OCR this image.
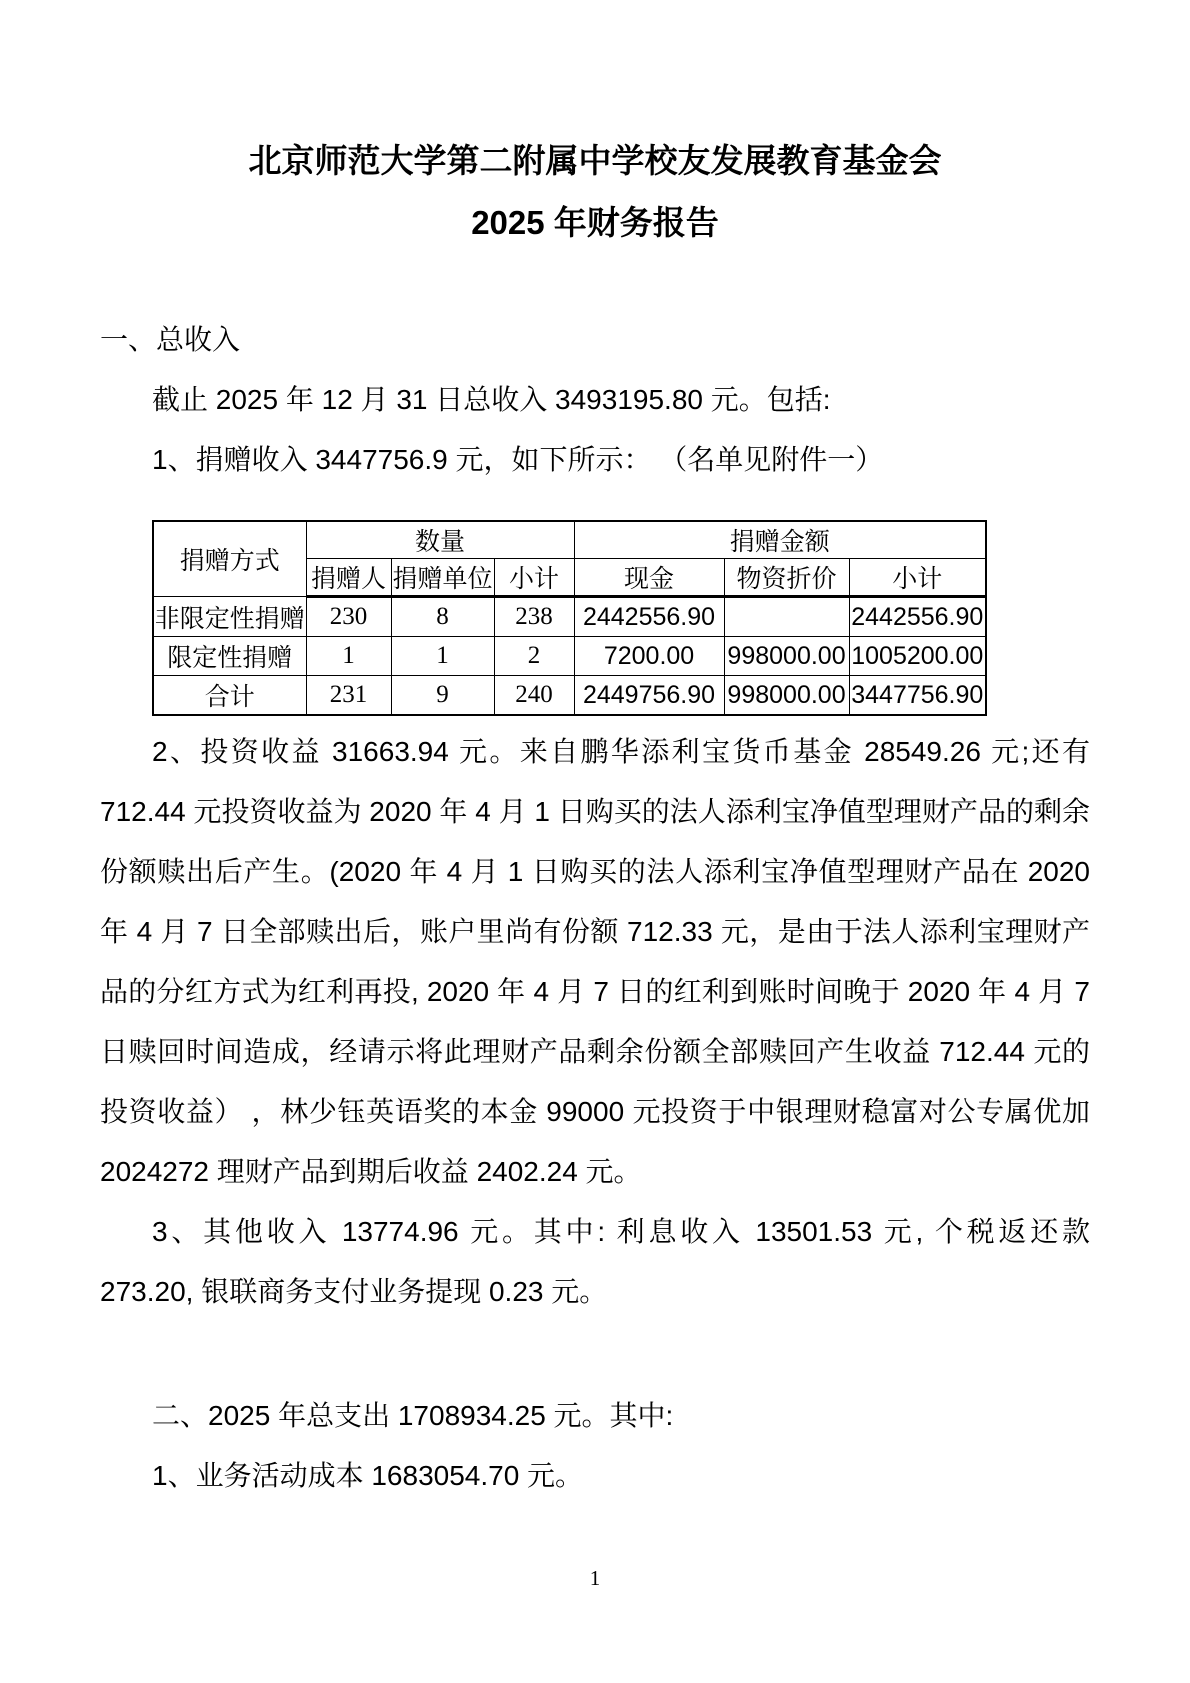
北京师范大学第二附属中学校友发展教育基金会
2025 年财务报告
一、总收入
截止 2025 年 12 月 31 日总收入 3493195.80 元。包括:
1、捐赠收入 3447756.9 元，如下所示： （名单见附件一）
捐赠方式	数量			捐赠金额		
	捐赠人	捐赠单位	小计	现金	物资折价	小计
非限定性捐赠	230	8	238	2442556.90		2442556.90
限定性捐赠	1	1	2	7200.00	998000.00	1005200.00
合计	231	9	240	2449756.90	998000.00	3447756.90
2、投资收益 31663.94 元。来自鹏华添利宝货币基金 28549.26 元;还有 712.44 元投资收益为 2020 年 4 月 1 日购买的法人添利宝净值型理财产品的剩余份额赎出后产生。(2020 年 4 月 1 日购买的法人添利宝净值型理财产品在 2020 年 4 月 7 日全部赎出后，账户里尚有份额 712.33 元，是由于法人添利宝理财产品的分红方式为红利再投, 2020 年 4 月 7 日的红利到账时间晚于 2020 年 4 月 7 日赎回时间造成，经请示将此理财产品剩余份额全部赎回产生收益 712.44 元的投资收益） ，林少钰英语奖的本金 99000 元投资于中银理财稳富对公专属优加 2024272 理财产品到期后收益 2402.24 元。
3、其他收入 13774.96 元。其中: 利息收入 13501.53 元, 个税返还款 273.20, 银联商务支付业务提现 0.23 元。
二、2025 年总支出 1708934.25 元。其中:
1、业务活动成本 1683054.70 元。
1
